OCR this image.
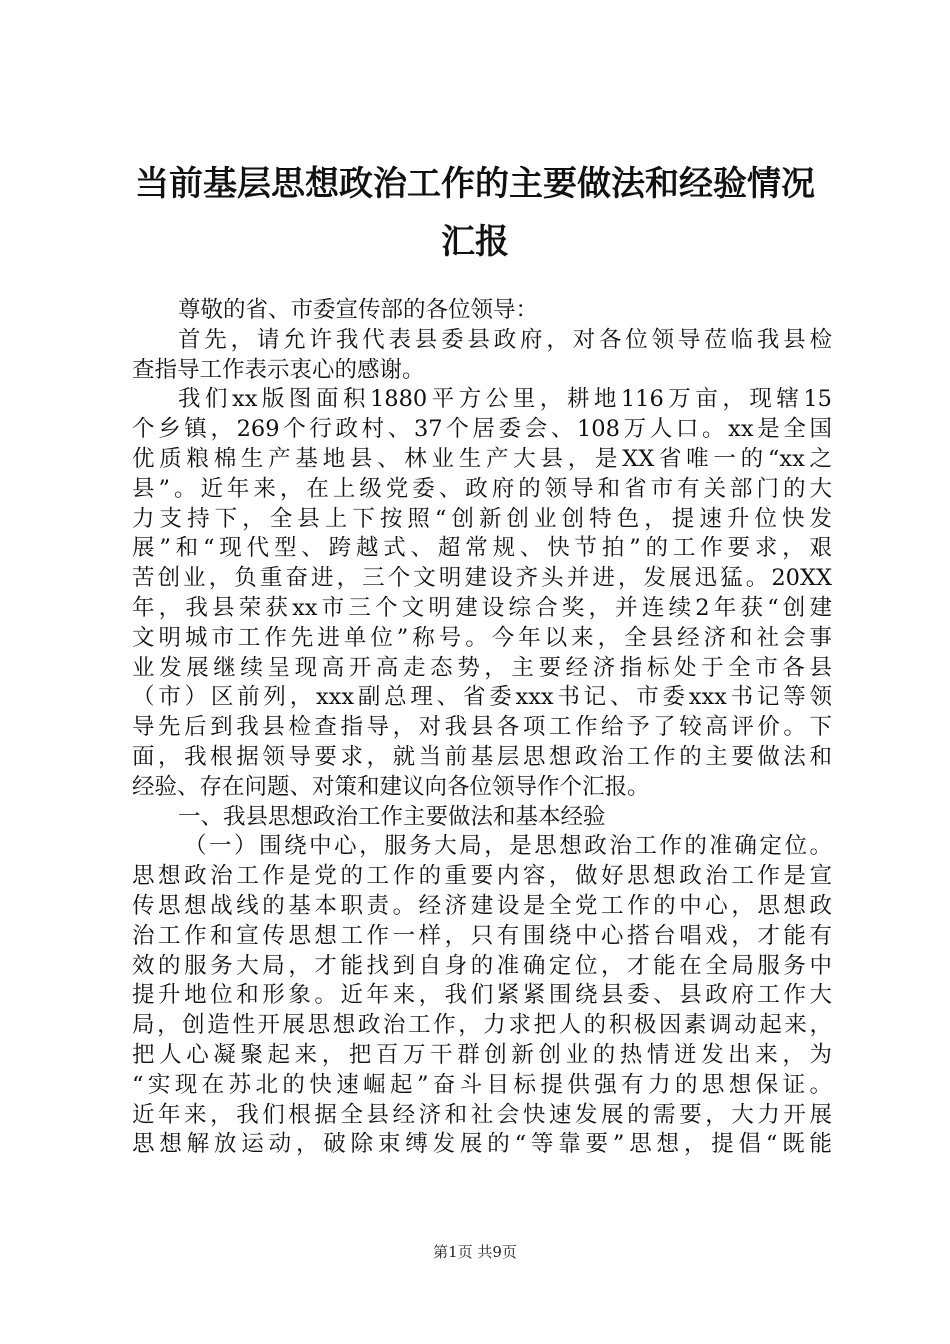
当前基层思想政治工作的主要做法和经验情况
汇报
尊敬的省、市委宣传部的各位领导：
首先，请允许我代表县委县政府，对各位领导莅临我县检
查指导工作表示衷心的感谢。
我们xx版图面积1880平方公里，耕地116万亩，现辖15
个乡镇，269个行政村、37个居委会、108万人口。xx是全国
优质粮棉生产基地县、林业生产大县，是XX省唯一的“xx之
县”。近年来，在上级党委、政府的领导和省市有关部门的大
力支持下，全县上下按照“创新创业创特色，提速升位快发
展”和“现代型、跨越式、超常规、快节拍”的工作要求，艰
苦创业，负重奋进，三个文明建设齐头并进，发展迅猛。20XX
年，我县荣获xx市三个文明建设综合奖，并连续2年获“创建
文明城市工作先进单位”称号。今年以来，全县经济和社会事
业发展继续呈现高开高走态势，主要经济指标处于全市各县
（市）区前列，xxx副总理、省委xxx书记、市委xxx书记等领
导先后到我县检查指导，对我县各项工作给予了较高评价。下
面，我根据领导要求，就当前基层思想政治工作的主要做法和
经验、存在问题、对策和建议向各位领导作个汇报。
一、我县思想政治工作主要做法和基本经验
（一）围绕中心，服务大局，是思想政治工作的准确定位。
思想政治工作是党的工作的重要内容，做好思想政治工作是宣
传思想战线的基本职责。经济建设是全党工作的中心，思想政
治工作和宣传思想工作一样，只有围绕中心搭台唱戏，才能有
效的服务大局，才能找到自身的准确定位，才能在全局服务中
提升地位和形象。近年来，我们紧紧围绕县委、县政府工作大
局，创造性开展思想政治工作，力求把人的积极因素调动起来，
把人心凝聚起来，把百万干群创新创业的热情迸发出来，为
“实现在苏北的快速崛起”奋斗目标提供强有力的思想保证。
近年来，我们根据全县经济和社会快速发展的需要，大力开展
思想解放运动，破除束缚发展的“等靠要”思想，提倡“既能
第1页 共9页
